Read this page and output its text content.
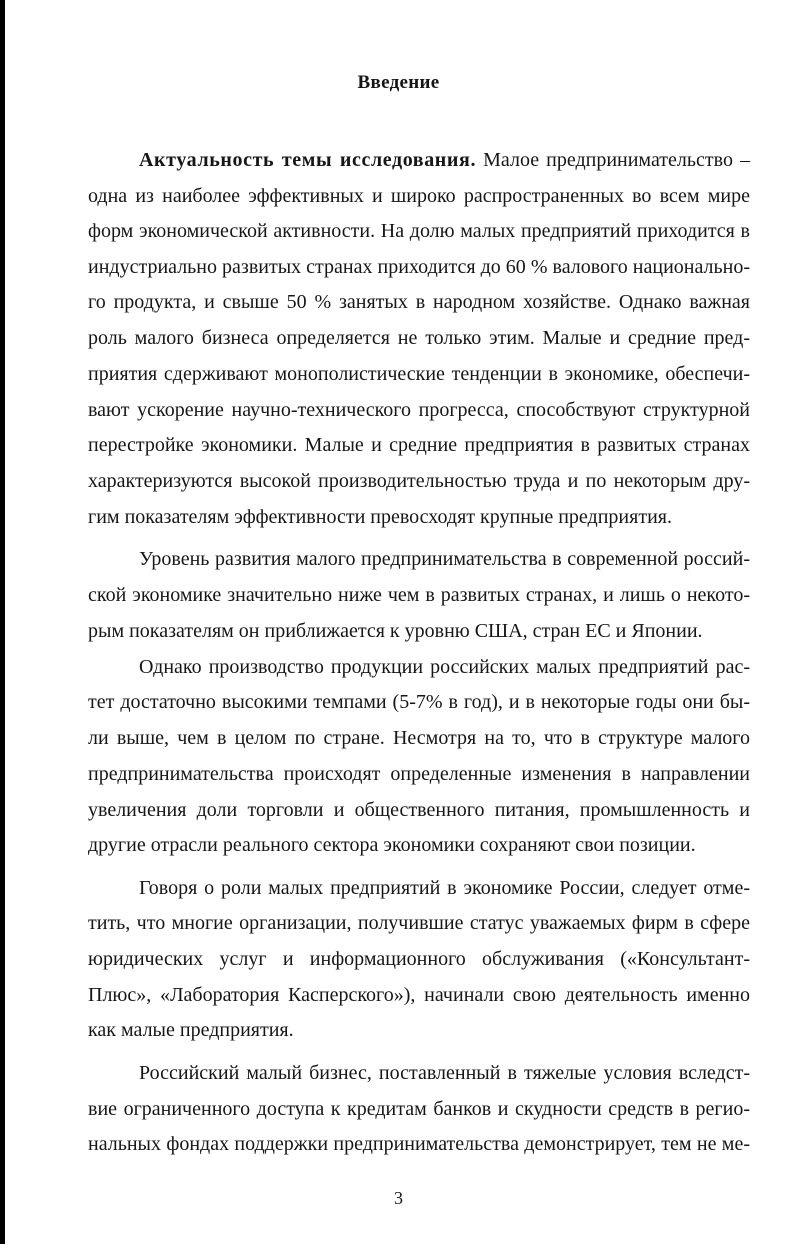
Введение
Актуальность темы исследования. Малое предпринимательство –
одна из наиболее эффективных и широко распространенных во всем мире
форм экономической активности. На долю малых предприятий приходится в
индустриально развитых странах приходится до 60 % валового национально-
го продукта, и свыше 50 % занятых в народном хозяйстве. Однако важная
роль малого бизнеса определяется не только этим. Малые и средние пред-
приятия сдерживают монополистические тенденции в экономике, обеспечи-
вают ускорение научно-технического прогресса, способствуют структурной
перестройке экономики. Малые и средние предприятия в развитых странах
характеризуются высокой производительностью труда и по некоторым дру-
гим показателям эффективности превосходят крупные предприятия.
Уровень развития малого предпринимательства в современной россий-
ской экономике значительно ниже чем в развитых странах, и лишь о некото-
рым показателям он приближается к уровню США, стран ЕС и Японии.
Однако производство продукции российских малых предприятий рас-
тет достаточно высокими темпами (5-7% в год), и в некоторые годы они бы-
ли выше, чем в целом по стране. Несмотря на то, что в структуре малого
предпринимательства происходят определенные изменения в направлении
увеличения доли торговли и общественного питания, промышленность и
другие отрасли реального сектора экономики сохраняют свои позиции.
Говоря о роли малых предприятий в экономике России, следует отме-
тить, что многие организации, получившие статус уважаемых фирм в сфере
юридических услуг и информационного обслуживания («Консультант-
Плюс», «Лаборатория Касперского»), начинали свою деятельность именно
как малые предприятия.
Российский малый бизнес, поставленный в тяжелые условия вследст-
вие ограниченного доступа к кредитам банков и скудности средств в регио-
нальных фондах поддержки предпринимательства демонстрирует, тем не ме-
3
